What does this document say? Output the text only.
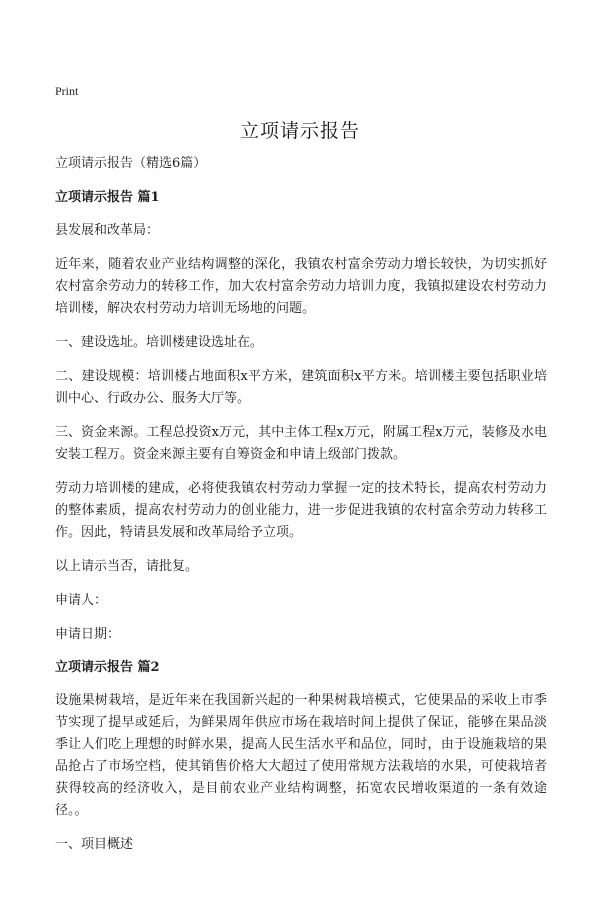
Print
立项请示报告
立项请示报告（精选6篇）
立项请示报告 篇1
县发展和改革局：
近年来，随着农业产业结构调整的深化，我镇农村富余劳动力增长较快，为切实抓好农村富余劳动力的转移工作，加大农村富余劳动力培训力度，我镇拟建设农村劳动力培训楼，解决农村劳动力培训无场地的问题。
一、建设选址。培训楼建设选址在。
二、建设规模：培训楼占地面积x平方米，建筑面积x平方米。培训楼主要包括职业培训中心、行政办公、服务大厅等。
三、资金来源。工程总投资x万元，其中主体工程x万元，附属工程x万元，装修及水电安装工程万。资金来源主要有自筹资金和申请上级部门拨款。
劳动力培训楼的建成，必将使我镇农村劳动力掌握一定的技术特长，提高农村劳动力的整体素质，提高农村劳动力的创业能力，进一步促进我镇的农村富余劳动力转移工作。因此，特请县发展和改革局给予立项。
以上请示当否，请批复。
申请人：
申请日期：
立项请示报告 篇2
设施果树栽培，是近年来在我国新兴起的一种果树栽培模式，它使果品的采收上市季节实现了提早或延后，为鲜果周年供应市场在栽培时间上提供了保证，能够在果品淡季让人们吃上理想的时鲜水果，提高人民生活水平和品位，同时，由于设施栽培的果品抢占了市场空档，使其销售价格大大超过了使用常规方法栽培的水果，可使栽培者获得较高的经济收入，是目前农业产业结构调整，拓宽农民增收渠道的一条有效途径。。
一、项目概述
